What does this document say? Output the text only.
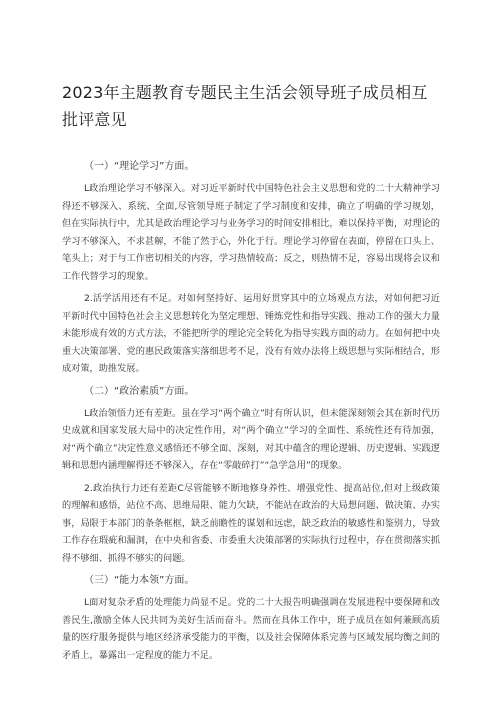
2023年主题教育专题民主生活会领导班子成员相互批评意见

（一）“理论学习”方面。

L政治理论学习不够深入。对习近平新时代中国特色社会主义思想和党的二十大精神学习得还不够深入、系统、全面,尽管领导班子制定了学习制度和安排，确立了明确的学习规划，但在实际执行中，尤其是政治理论学习与业务学习的时间安排相比，难以保持平衡，对理论的学习不够深入，不求甚解，不能了然于心，外化于行。理论学习停留在表面，停留在口头上、笔头上；对于与工作密切相关的内容，学习热情较高；反之，则热情不足，容易出现将会议和工作代替学习的现象。

2.活学活用还有不足。对如何坚持好、运用好贯穿其中的立场观点方法，对如何把习近平新时代中国特色社会主义思想转化为坚定理想、锤炼党性和指导实践、推动工作的强大力量未能形成有效的方式方法，不能把所学的理论完全转化为指导实践方面的动力。在如何把中央重大决策部署、党的惠民政策落实落细思考不足，没有有效办法将上级思想与实际相结合，形成对策，助推发展。

（二）“政治素质”方面。

L政治领悟力还有差距。虽在学习“两个确立”时有所认识，但未能深刻领会其在新时代历史成就和国家发展大局中的决定性作用，对“两个确立”学习的全面性、系统性还有待加强，对“两个确立”决定性意义感悟还不够全面、深刻，对其中蕴含的理论逻辑、历史逻辑、实践逻辑和思想内涵理解得还不够深入，存在“零敲碎打”“急学急用”的现象。

2.政治执行力还有差距C尽管能够不断地修身养性、增强党性、提高站位,但对上级政策的理解和感悟，站位不高、思维局限、能力欠缺，不能站在政治的大局想问题、做决策、办实事，局限于本部门的条条框框，缺乏前瞻性的谋划和远虑，缺乏政治的敏感性和鉴别力，导致工作存在瑕疵和漏洞，在中央和省委、市委重大决策部署的实际执行过程中，存在贯彻落实抓得不够细、抓得不够实的问题。

（三）“能力本领”方面。

L面对复杂矛盾的处理能力尚显不足。党的二十大报告明确强调在发展进程中要保障和改善民生,激励全体人民共同为美好生活而奋斗。然而在具体工作中，班子成员在如何兼顾高质量的医疗服务提供与地区经济承受能力的平衡，以及社会保障体系完善与区域发展均衡之间的矛盾上，暴露出一定程度的能力不足。
